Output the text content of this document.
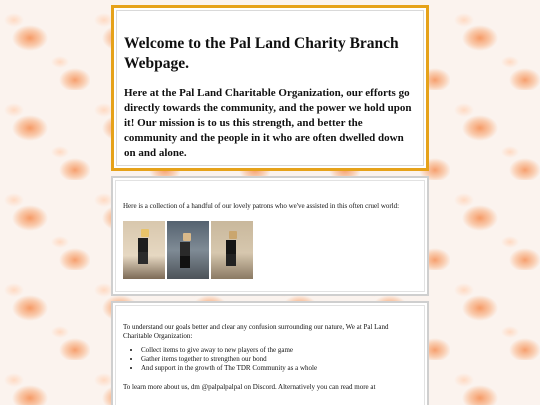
Welcome to the Pal Land Charity Branch Webpage.

Here at the Pal Land Charitable Organization, our efforts go directly towards the community, and the power we hold upon it! Our mission is to us this strength, and better the community and the people in it who are often dwelled down on and alone.

Here is a collection of a handful of our lovely patrons who we've assisted in this often cruel world:

To understand our goals better and clear any confusion surrounding our nature, We at Pal Land Charitable Organization:

• Collect items to give away to new players of the game
• Gather items together to strengthen our bond
• And support in the growth of The TDR Community as a whole

To learn more about us, dm @palpalpalpal on Discord. Alternatively you can read more at
